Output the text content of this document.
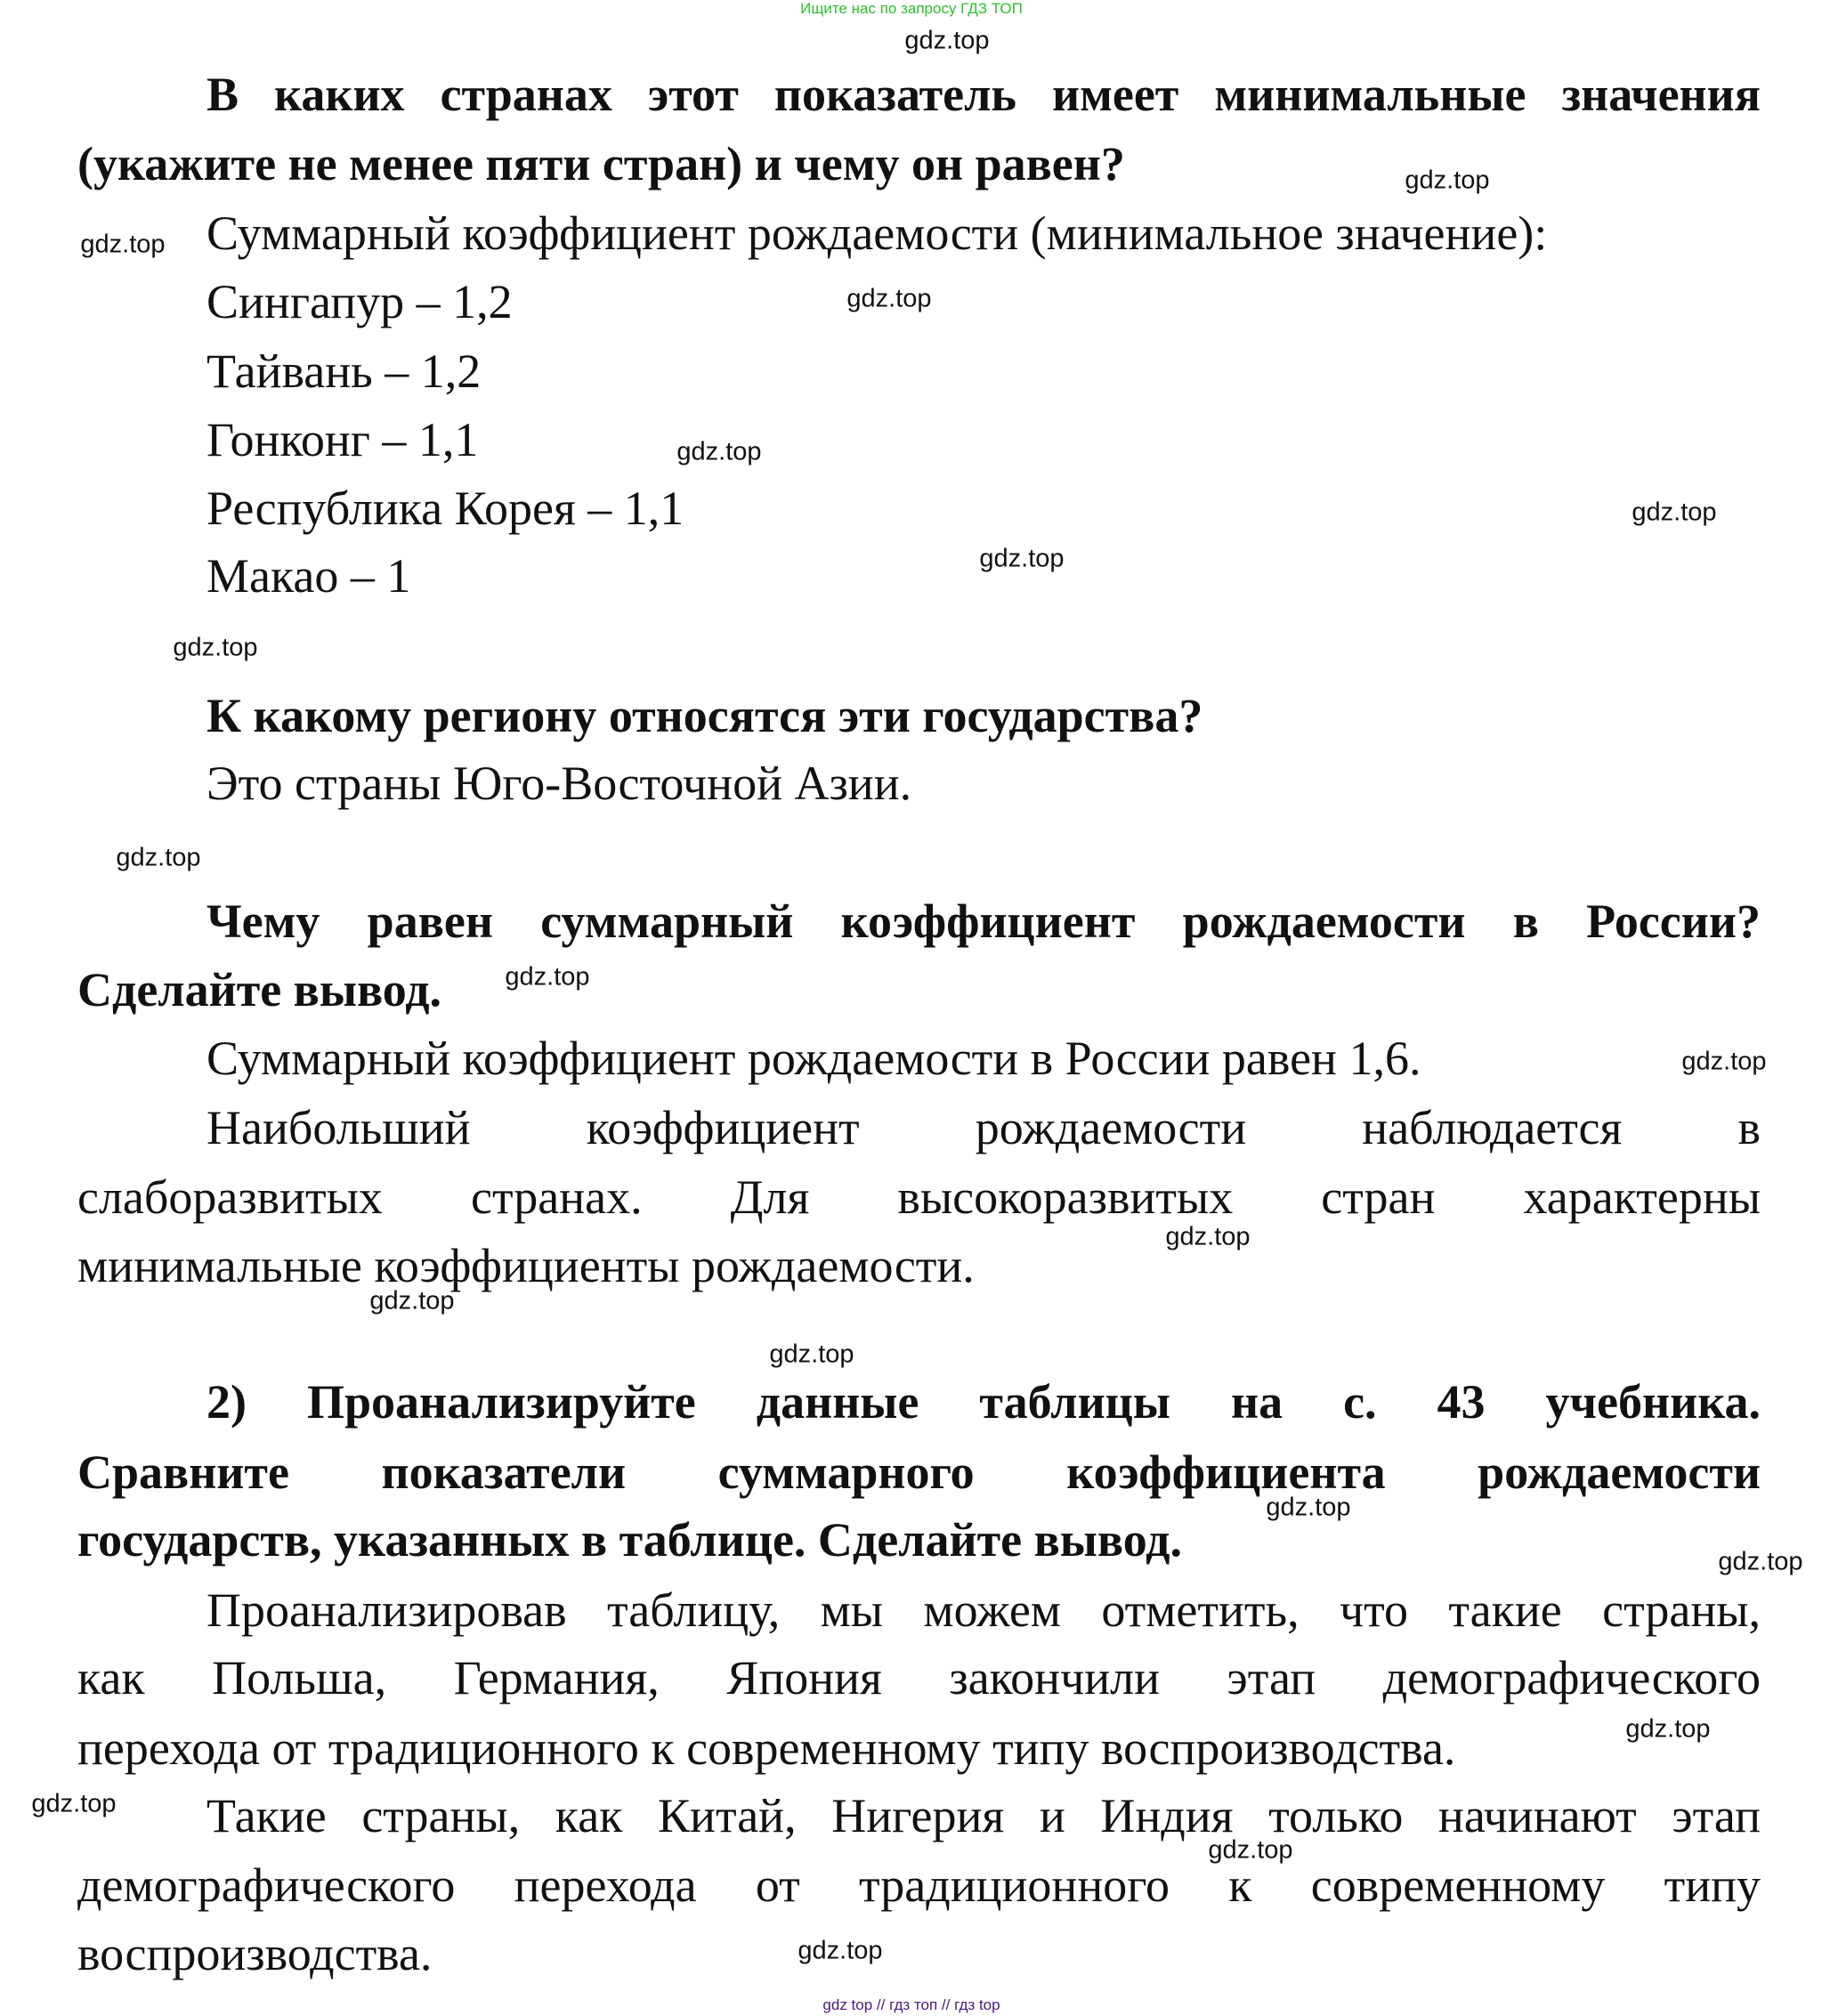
Ищите нас по запросу ГДЗ ТОП
В каких странах этот показатель имеет минимальные значения
(укажите не менее пяти стран) и чему он равен?
Суммарный коэффициент рождаемости (минимальное значение):
Сингапур – 1,2
Тайвань – 1,2
Гонконг – 1,1
Республика Корея – 1,1
Макао – 1
К какому региону относятся эти государства?
Это страны Юго-Восточной Азии.
Чему равен суммарный коэффициент рождаемости в России?
Сделайте вывод.
Суммарный коэффициент рождаемости в России равен 1,6.
Наибольший коэффициент рождаемости наблюдается в
слаборазвитых странах. Для высокоразвитых стран характерны
минимальные коэффициенты рождаемости.
2) Проанализируйте данные таблицы на с. 43 учебника.
Сравните показатели суммарного коэффициента рождаемости
государств, указанных в таблице. Сделайте вывод.
Проанализировав таблицу, мы можем отметить, что такие страны,
как Польша, Германия, Япония закончили этап демографического
перехода от традиционного к современному типу воспроизводства.
Такие страны, как Китай, Нигерия и Индия только начинают этап
демографического перехода от традиционного к современному типу
воспроизводства.
gdz.top
gdz.top
gdz.top
gdz.top
gdz.top
gdz.top
gdz.top
gdz.top
gdz.top
gdz.top
gdz.top
gdz.top
gdz.top
gdz.top
gdz.top
gdz.top
gdz.top
gdz.top
gdz.top
gdz.top
gdz top // гдз топ // гдз top
